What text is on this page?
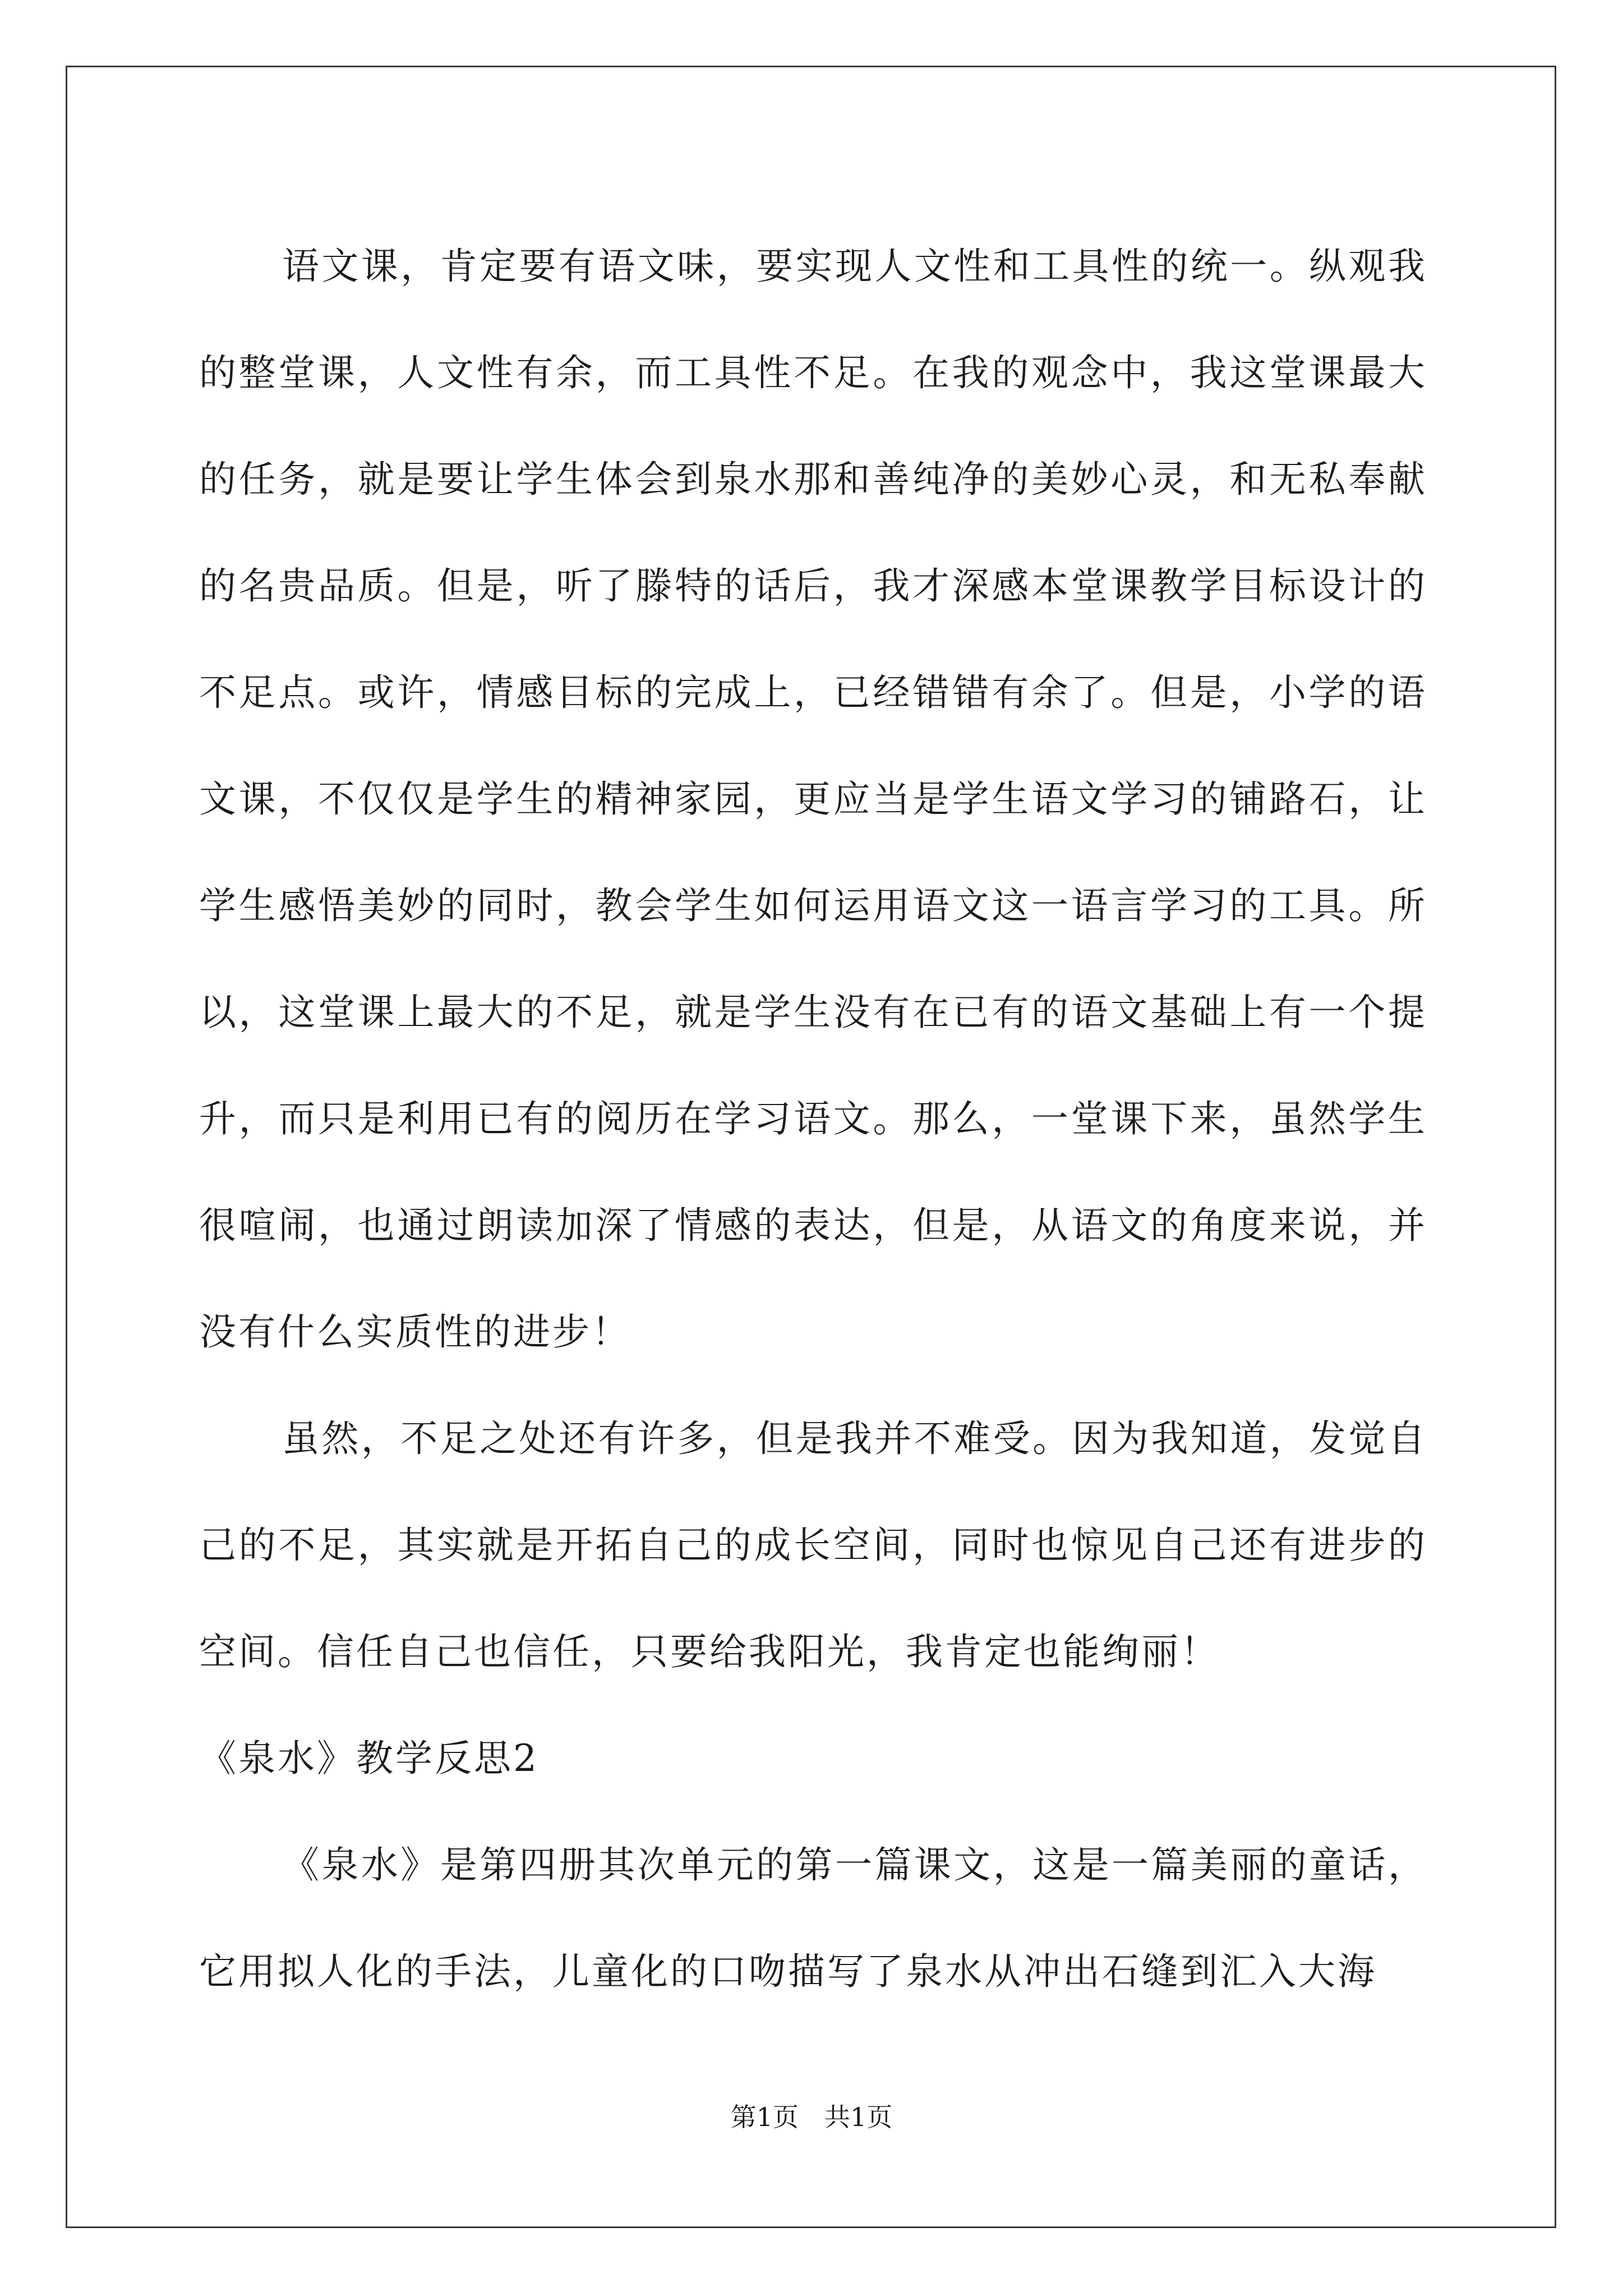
语文课，肯定要有语文味，要实现人文性和工具性的统一。纵观我的整堂课，人文性有余，而工具性不足。在我的观念中，我这堂课最大的任务，就是要让学生体会到泉水那和善纯净的美妙心灵，和无私奉献的名贵品质。但是，听了滕特的话后，我才深感本堂课教学目标设计的不足点。或许，情感目标的完成上，已经错错有余了。但是，小学的语文课，不仅仅是学生的精神家园，更应当是学生语文学习的铺路石，让学生感悟美妙的同时，教会学生如何运用语文这一语言学习的工具。所以，这堂课上最大的不足，就是学生没有在已有的语文基础上有一个提升，而只是利用已有的阅历在学习语文。那么，一堂课下来，虽然学生很喧闹，也通过朗读加深了情感的表达，但是，从语文的角度来说，并没有什么实质性的进步！

虽然，不足之处还有许多，但是我并不难受。因为我知道，发觉自己的不足，其实就是开拓自己的成长空间，同时也惊见自己还有进步的空间。信任自己也信任，只要给我阳光，我肯定也能绚丽！

《泉水》教学反思2

《泉水》是第四册其次单元的第一篇课文，这是一篇美丽的童话，它用拟人化的手法，儿童化的口吻描写了泉水从冲出石缝到汇入大海

第1页　共1页
